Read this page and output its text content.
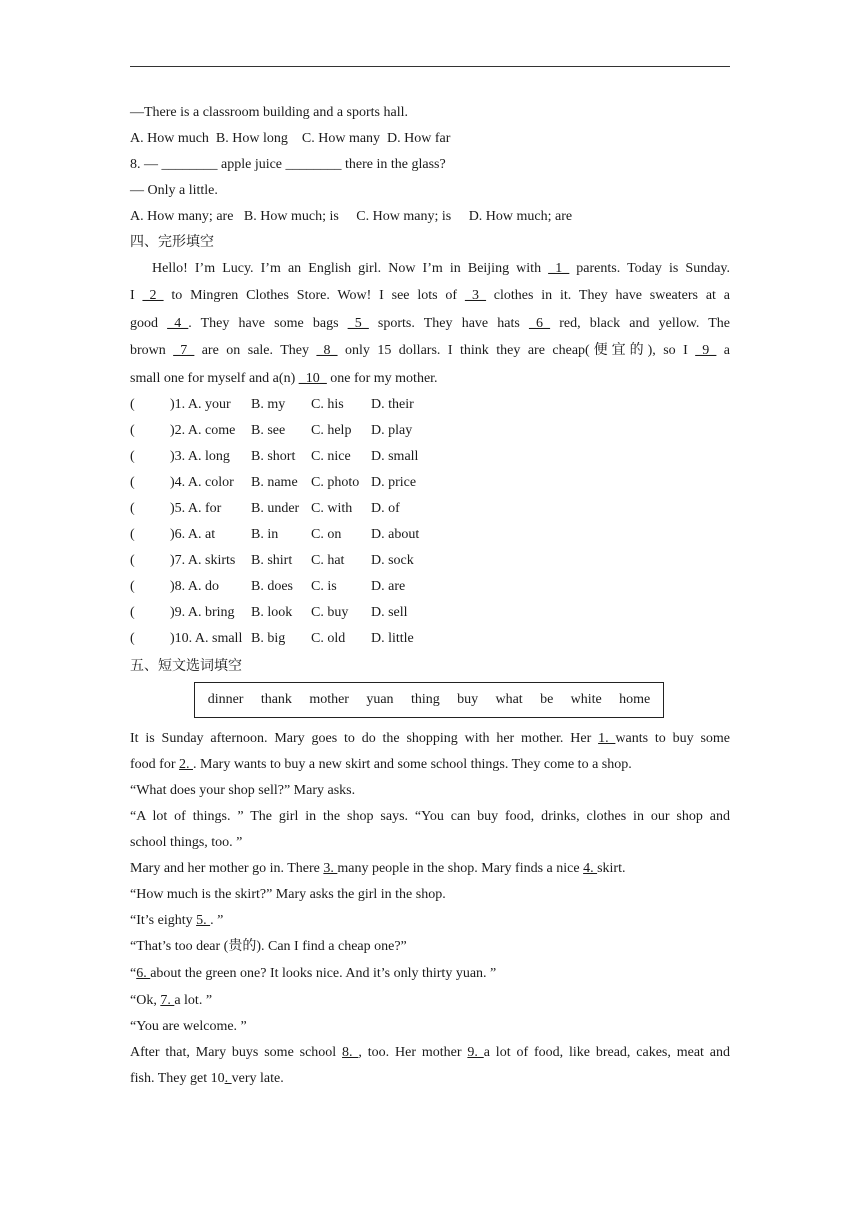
—There is a classroom building and a sports hall.
A. How much  B. How long    C. How many  D. How far
8. — ________ apple juice ________ there in the glass?
— Only a little.
A. How many; are   B. How much; is     C. How many; is     D. How much; are
四、完形填空
Hello! I’m Lucy. I’m an English girl. Now I’m in Beijing with _1_ parents. Today is Sunday.
I _2_ to Mingren Clothes Store. Wow! I see lots of _3_ clothes in it. They have sweaters at a
good _4_. They have some bags _5_ sports. They have hats _6_ red, black and yellow. The
brown _7_ are on sale. They _8_ only 15 dollars. I think they are cheap(便宜的), so I _9_ a
small one for myself and a(n) _10_ one for my mother.
(	)1. A. your	B. my	C. his	D. their
(	)2. A. come	B. see	C. help	D. play
(	)3. A. long	B. short	C. nice	D. small
(	)4. A. color	B. name C. photo D. price
(	)5. A. for	B. under C. with	D. of
(	)6. A. at	B. in	C. on	D. about
(	)7. A. skirts	B. shirt	C. hat	D. sock
(	)8. A. do	B. does	C. is	D. are
(	)9. A. bring	B. look	C. buy	D. sell
(	)10. A. small B. big	C. old	D. little
五、短文选词填空
dinner thank mother yuan thing buy what be white home
It is Sunday afternoon. Mary goes to do the shopping with her mother. Her 1. wants to buy some
food for 2. . Mary wants to buy a new skirt and some school things. They come to a shop.
“What does your shop sell?” Mary asks.
“A lot of things. ” The girl in the shop says. “You can buy food, drinks, clothes in our shop and
school things, too. ”
Mary and her mother go in. There 3. many people in the shop. Mary finds a nice 4. skirt.
“How much is the skirt?” Mary asks the girl in the shop.
“It’s eighty 5. . ”
“That’s too dear (贵的). Can I find a cheap one?”
“6. about the green one? It looks nice. And it’s only thirty yuan. ”
“Ok, 7. a lot. ”
“You are welcome. ”
After that, Mary buys some school 8. , too. Her mother 9. a lot of food, like bread, cakes, meat and
fish. They get 10. very late.
